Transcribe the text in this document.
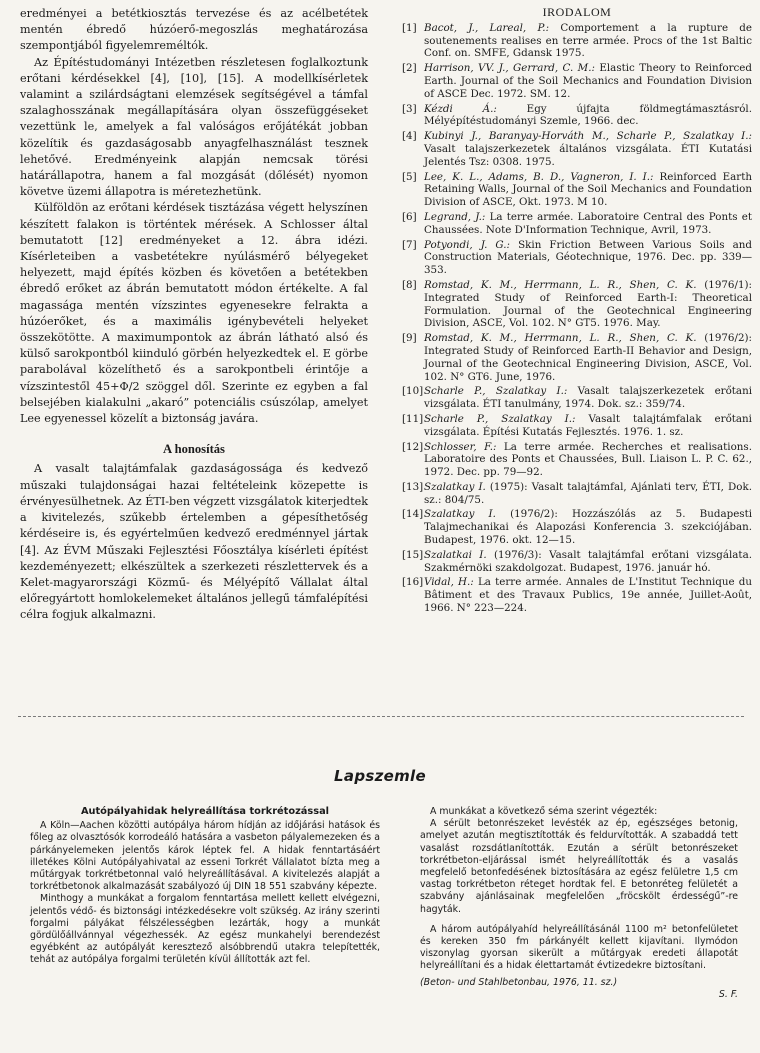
eredményei a betétkiosztás tervezése és az acélbetétek mentén ébredő húzóerő-megoszlás meghatározása szempontjából figyelemreméltók.

Az Építéstudományi Intézetben részletesen foglalkoztunk erőtani kérdésekkel [4], [10], [15]. A modellkísérletek valamint a szilárdságtani elemzések segítségével a támfal szalaghosszának megállapítására olyan összefüggéseket vezettünk le, amelyek a fal valóságos erőjátékát jobban közelítik és gazdaságosabb anyagfelhasználást tesznek lehetővé. Eredményeink alapján nemcsak törési határállapotra, hanem a fal mozgását (dőlését) nyomon követve üzemi állapotra is méretezhetünk.

Külföldön az erőtani kérdések tisztázása végett helyszínen készített falakon is történtek mérések. A Schlosser által bemutatott [12] eredményeket a 12. ábra idézi. Kísérleteiben a vasbetétekre nyúlásmérő bélyegeket helyezett, majd építés közben és követően a betétekben ébredő erőket az ábrán bemutatott módon értékelte. A fal magassága mentén vízszintes egyenesekre felrakta a húzóerőket, és a maximális igénybevételi helyeket összekötötte. A maximumpontok az ábrán látható alsó és külső sarokpontból kiinduló görbén helyezkedtek el. E görbe parabolával közelíthető és a sarokpontbeli érintője a vízszintestől 45+Φ/2 szöggel dől. Szerinte ez egyben a fal belsejében kialakulni „akaró” potenciális csúszólap, amelyet Lee egyenessel közelít a biztonság javára.

A honosítás

A vasalt talajtámfalak gazdaságossága és kedvező műszaki tulajdonságai hazai feltételeink közepette is érvényesülhetnek. Az ÉTI-ben végzett vizsgálatok kiterjedtek a kivitelezés, szűkebb értelemben a gépesíthetőség kérdéseire is, és egyértelműen kedvező eredménnyel jártak [4]. Az ÉVM Műszaki Fejlesztési Főosztálya kísérleti építést kezdeményezett; elkészültek a szerkezeti részlettervek és a Kelet-magyarországi Közmű- és Mélyépítő Vállalat által előregyártott homlokelemeket általános jellegű támfalépítési célra fogjuk alkalmazni.

IRODALOM
[1] Bacot, J., Lareal, P.: Comportement a la rupture de soutenements realises en terre armée. Procs of the 1st Baltic Conf. on. SMFE, Gdansk 1975.
[2] Harrison, VV. J., Gerrard, C. M.: Elastic Theory to Reinforced Earth. Journal of the Soil Mechanics and Foundation Division of ASCE Dec. 1972. SM. 12.
[3] Kézdi Á.: Egy újfajta földmegtámasztásról. Mélyépítéstudományi Szemle, 1966. dec.
[4] Kubinyi J., Baranyay-Horváth M., Scharle P., Szalatkay I.: Vasalt talajszerkezetek általános vizsgálata. ÉTI Kutatási Jelentés Tsz: 0308. 1975.
[5] Lee, K. L., Adams, B. D., Vagneron, I. I.: Reinforced Earth Retaining Walls, Journal of the Soil Mechanics and Foundation Division of ASCE, Okt. 1973. M 10.
[6] Legrand, J.: La terre armée. Laboratoire Central des Ponts et Chaussées. Note D'Information Technique, Avril, 1973.
[7] Potyondi, J. G.: Skin Friction Between Various Soils and Construction Materials, Géotechnique, 1976. Dec. pp. 339—353.
[8] Romstad, K. M., Herrmann, L. R., Shen, C. K. (1976/1): Integrated Study of Reinforced Earth-I: Theoretical Formulation. Journal of the Geotechnical Engineering Division, ASCE, Vol. 102. N° GT5. 1976. May.
[9] Romstad, K. M., Herrmann, L. R., Shen, C. K. (1976/2): Integrated Study of Reinforced Earth-II Behavior and Design, Journal of the Geotechnical Engineering Division, ASCE, Vol. 102. N° GT6. June, 1976.
[10] Scharle P., Szalatkay I.: Vasalt talajszerkezetek erőtani vizsgálata. ÉTI tanulmány, 1974. Dok. sz.: 359/74.
[11] Scharle P., Szalatkay I.: Vasalt talajtámfalak erőtani vizsgálata. Építési Kutatás Fejlesztés. 1976. 1. sz.
[12] Schlosser, F.: La terre armée. Recherches et realisations. Laboratoire des Ponts et Chaussées, Bull. Liaison L. P. C. 62., 1972. Dec. pp. 79—92.
[13] Szalatkay I. (1975): Vasalt talajtámfal, Ajánlati terv, ÉTI, Dok. sz.: 804/75.
[14] Szalatkay I. (1976/2): Hozzászólás az 5. Budapesti Talajmechanikai és Alapozási Konferencia 3. szekciójában. Budapest, 1976. okt. 12—15.
[15] Szalatkai I. (1976/3): Vasalt talajtámfal erőtani vizsgálata. Szakmérnöki szakdolgozat. Budapest, 1976. január hó.
[16] Vidal, H.: La terre armée. Annales de L'Institut Technique du Bâtiment et des Travaux Publics, 19e année, Juillet-Août, 1966. N° 223—224.
Lapszemle
Autópályahidak helyreállítása torkrétozással

A Köln—Aachen közötti autópálya három hídján az időjárási hatások és főleg az olvasztósók korrodeáló hatására a vasbeton pályalemezeken és a párkányelemeken jelentős károk léptek fel. A hidak fenntartásáért illetékes Kölni Autópályahivatal az esseni Torkrét Vállalatot bízta meg a műtárgyak torkrétbetonnal való helyreállításával. A kivitelezés alapját a torkrétbetonok alkalmazását szabályozó új DIN 18 551 szabvány képezte.

Minthogy a munkákat a forgalom fenntartása mellett kellett elvégezni, jelentős védő- és biztonsági intézkedésekre volt szükség. Az irány szerinti forgalmi pályákat félszélességben lezárták, hogy a munkát gördülőállvánnyal végezhessék. Az egész munkahelyi berendezést egyébként az autópályát keresztező alsóbbrendű utakra telepítették, tehát az autópálya forgalmi területén kívül állították azt fel.

A munkákat a következő séma szerint végezték:

A sérült betonrészeket levésték az ép, egészséges betonig, amelyet azután megtisztították és feldurvították. A szabaddá tett vasalást rozsdátlanították. Ezután a sérült betonrészeket torkrétbeton-eljárással ismét helyreállították és a vasalás megfelelő betonfedésének biztosítására az egész felületre 1,5 cm vastag torkrétbeton réteget hordtak fel. E betonréteg felületét a szabvány ajánlásainak megfelelően „fröcskölt érdességű”-re hagyták.

A három autópályahíd helyreállításánál 1100 m² betonfelületet és kereken 350 fm párkányélt kellett kijavítani. Ilymódon viszonylag gyorsan sikerült a műtárgyak eredeti állapotát helyreállítani és a hidak élettartamát évtizedekre biztosítani.

(Beton- und Stahlbetonbau, 1976, 11. sz.)
S. F.
